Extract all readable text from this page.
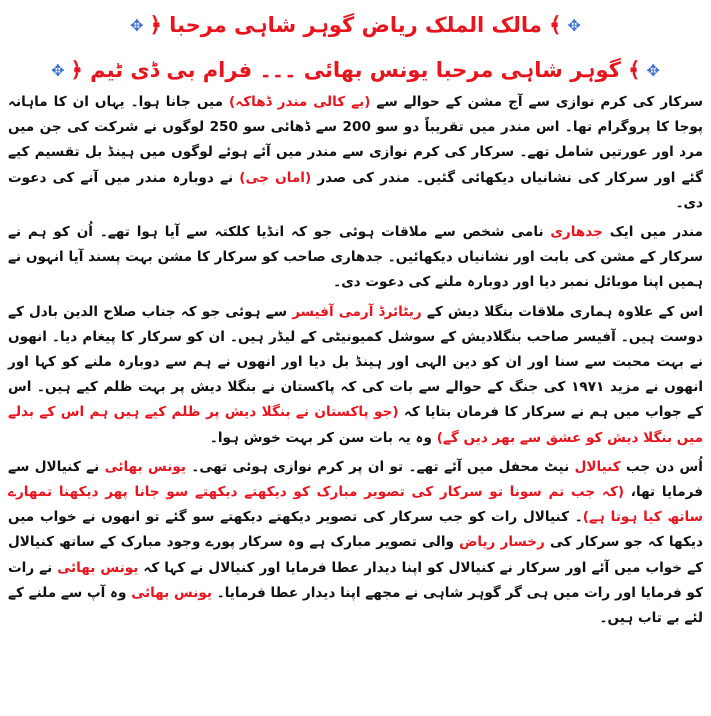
✥ ﴿ مالک الملک ریاض گوہر شاہی مرحبا ﴾ ✥
✥ ﴿ گوہر شاہی مرحبا یونس بھائی ۔۔۔ فرام بی ڈی ٹیم ﴾ ✥

سرکار کی کرم نوازی سے آج مشن کے حوالے سے (بے کالی مندر ڈھاکہ) میں جانا ہوا۔ یہاں ان کا ماہانہ پوجا کا پروگرام تھا۔ اس مندر میں تقریباً دو سو 200 سے ڈھائی سو 250 لوگوں نے شرکت کی جن میں مرد اور عورتیں شامل تھے۔ سرکار کی کرم نوازی سے مندر میں آئے ہوئے لوگوں میں ہینڈ بل تقسیم کیے گئے اور سرکار کی نشانیاں دیکھائی گئیں۔ مندر کی صدر (اماں جی) نے دوبارہ مندر میں آنے کی دعوت دی۔

مندر میں ایک جدھاری نامی شخص سے ملاقات ہوئی جو کہ انڈیا کلکتہ سے آیا ہوا تھے۔ اُن کو ہم نے سرکار کے مشن کی بابت اور نشانیاں دیکھائیں۔ جدھاری صاحب کو سرکار کا مشن بہت پسند آیا انہوں نے ہمیں اپنا موبائل نمبر دیا اور دوبارہ ملنے کی دعوت دی۔

اس کے علاوہ ہماری ملاقات بنگلا دیش کے ریٹائرڈ آرمی آفیسر سے ہوئی جو کہ جناب صلاح الدین بادل کے دوست ہیں۔ آفیسر صاحب بنگلادیش کے سوشل کمیونیٹی کے لیڈر ہیں۔ ان کو سرکار کا پیغام دیا۔ انھوں نے بہت محبت سے سنا اور ان کو دین الہی اور ہینڈ بل دیا اور انھوں نے ہم سے دوبارہ ملنے کو کہا اور انھوں نے مزید ۱۹۷۱ کی جنگ کے حوالے سے بات کی کہ پاکستان نے بنگلا دیش پر بہت ظلم کیے ہیں۔ اس کے جواب میں ہم نے سرکار کا فرمان بتایا کہ (جو پاکستان نے بنگلا دیش پر ظلم کیے ہیں ہم اس کے بدلے میں بنگلا دیش کو عشق سے بھر دیں گے) وہ یہ بات سن کر بہت خوش ہوا۔

اُس دن جب کنیالال نیٹ محفل میں آئے تھے۔ تو ان پر کرم نوازی ہوئی تھی۔ یونس بھائی نے کنیالال سے فرمایا تھا، (کہ جب تم سونا تو سرکار کی تصویر مبارک کو دیکھتے دیکھتے سو جانا پھر دیکھنا تمھارے ساتھ کیا ہوتا ہے)۔ کنیالال رات کو جب سرکار کی تصویر دیکھتے دیکھتے سو گئے تو انھوں نے خواب میں دیکھا کہ جو سرکار کی رخسار ریاض والی تصویر مبارک ہے وہ سرکار پورے وجود مبارک کے ساتھ کنیالال کے خواب میں آئے اور سرکار نے کنیالال کو اپنا دیدار عطا فرمایا اور کنیالال نے کہا کہ یونس بھائی نے رات کو فرمایا اور رات میں ہی گر گوہر شاہی نے مجھے اپنا دیدار عطا فرمایا۔ یونس بھائی وہ آپ سے ملنے کے لئے بے تاب ہیں۔
